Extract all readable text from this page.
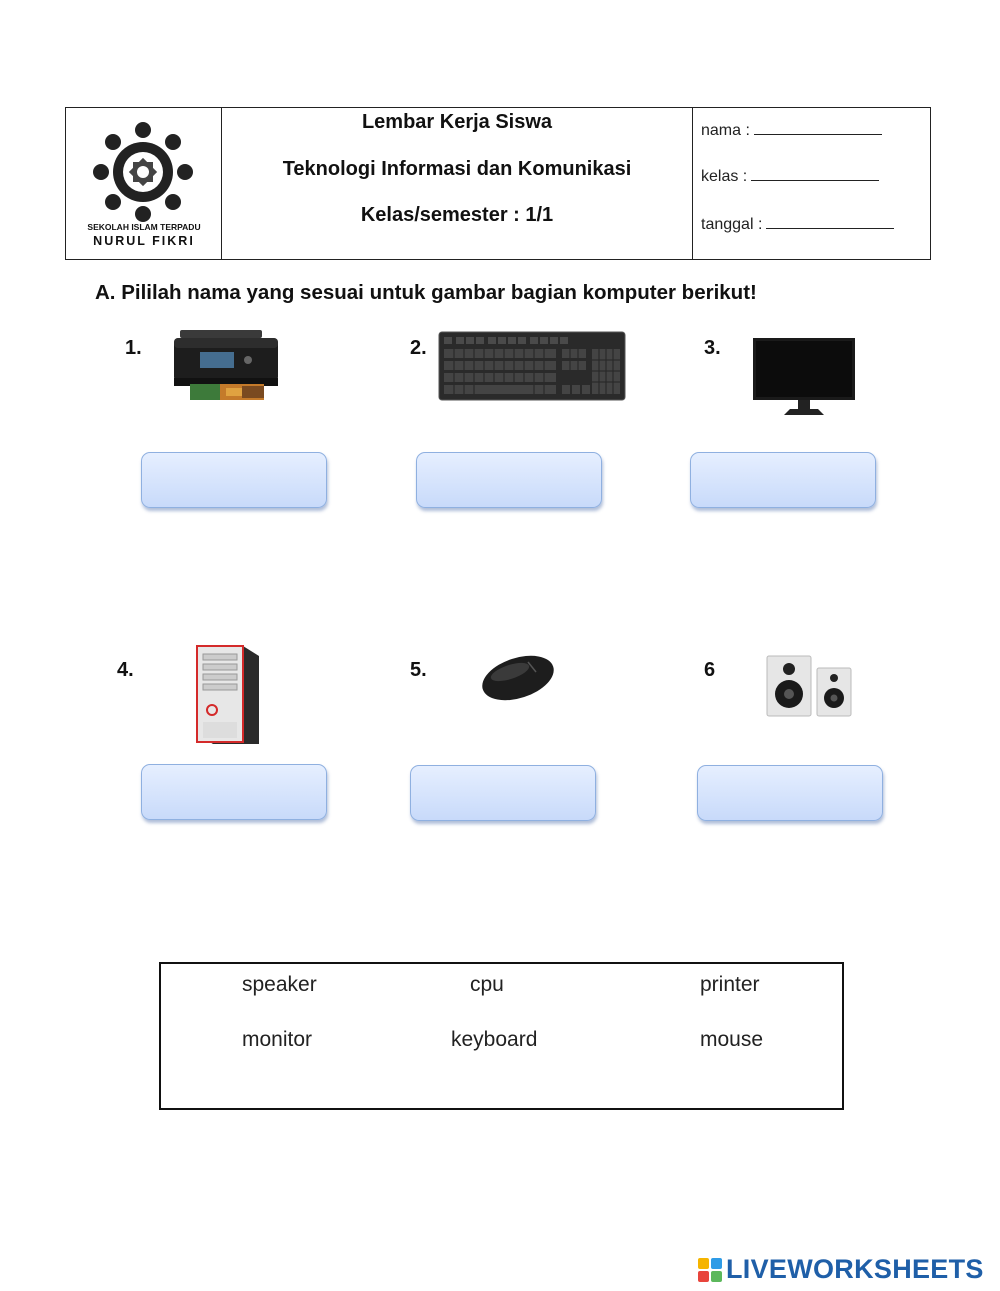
SEKOLAH ISLAM TERPADU
NURUL FIKRI
Lembar Kerja Siswa
Teknologi Informasi dan Komunikasi
Kelas/semester : 1/1
nama :
kelas :
tanggal :
A. Pililah nama yang sesuai untuk gambar bagian komputer berikut!
1.	2.	3.
4.	5.	6
speaker	cpu	printer
monitor	keyboard	mouse
LIVEWORKSHEETS
